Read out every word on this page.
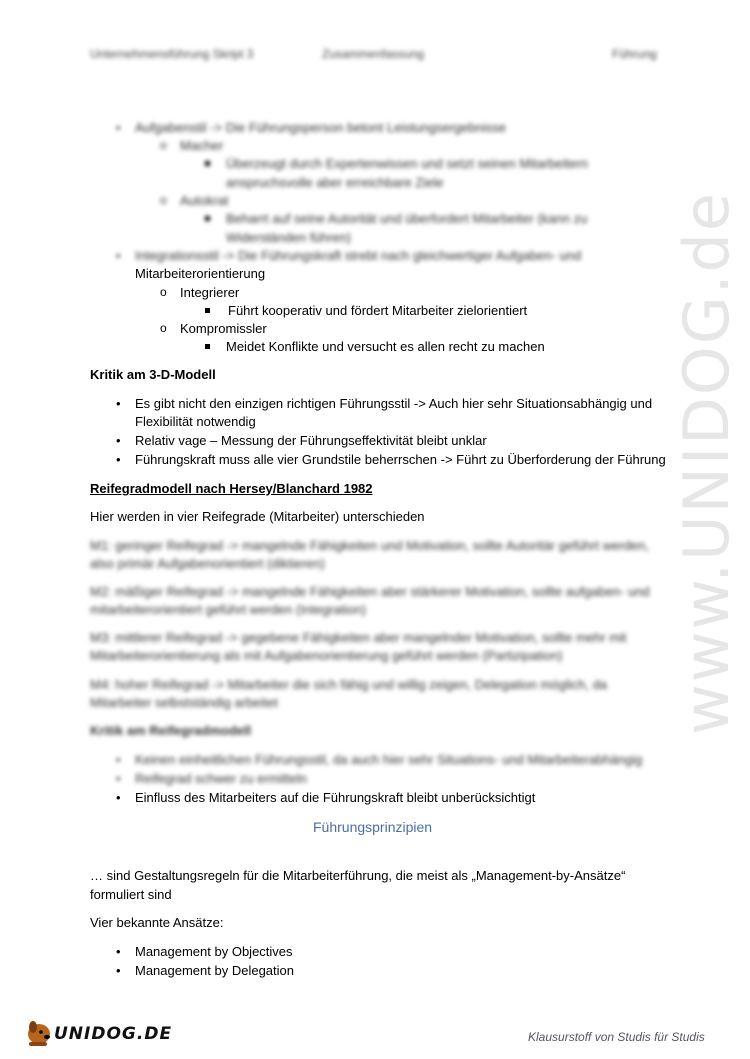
Unternehmensführung Skript 3	Zusammenfassung	Führung
www.UNIDOG.de
• Aufgabenstil -> Die Führungsperson betont Leistungsergebnisse
o Macher
Überzeugt durch Expertenwissen und setzt seinen Mitarbeitern
anspruchsvolle aber erreichbare Ziele
o Autokrat
Beharrt auf seine Autorität und überfordert Mitarbeiter (kann zu
Widerständen führen)
• Integrationsstil -> Die Führungskraft strebt nach gleichwertiger Aufgaben- und
Mitarbeiterorientierung
o Integrierer
Führt kooperativ und fördert Mitarbeiter zielorientiert
o Kompromissler
Meidet Konflikte und versucht es allen recht zu machen
Kritik am 3-D-Modell
• Es gibt nicht den einzigen richtigen Führungsstil -> Auch hier sehr Situationsabhängig und
Flexibilität notwendig
• Relativ vage – Messung der Führungseffektivität bleibt unklar
• Führungskraft muss alle vier Grundstile beherrschen -> Führt zu Überforderung der Führung
Reifegradmodell nach Hersey/Blanchard 1982
Hier werden in vier Reifegrade (Mitarbeiter) unterschieden
M1: geringer Reifegrad -> mangelnde Fähigkeiten und Motivation, sollte Autoritär geführt werden,
also primär Aufgabenorientiert (diktieren)
M2: mäßiger Reifegrad -> mangelnde Fähigkeiten aber stärkerer Motivation, sollte aufgaben- und
mitarbeiterorientiert geführt werden (Integration)
M3: mittlerer Reifegrad -> gegebene Fähigkeiten aber mangelnder Motivation, sollte mehr mit
Mitarbeiterorientierung als mit Aufgabenorientierung geführt werden (Partizipation)
M4: hoher Reifegrad -> Mitarbeiter die sich fähig und willig zeigen, Delegation möglich, da
Mitarbeiter selbstständig arbeitet
Kritik am Reifegradmodell
• Keinen einheitlichen Führungsstil, da auch hier sehr Situations- und Mitarbeiterabhängig
• Reifegrad schwer zu ermitteln
• Einfluss des Mitarbeiters auf die Führungskraft bleibt unberücksichtigt
Führungsprinzipien
… sind Gestaltungsregeln für die Mitarbeiterführung, die meist als „Management-by-Ansätze“
formuliert sind
Vier bekannte Ansätze:
• Management by Objectives
• Management by Delegation
UNIDOG.DE	Klausurstoff von Studis für Studis
